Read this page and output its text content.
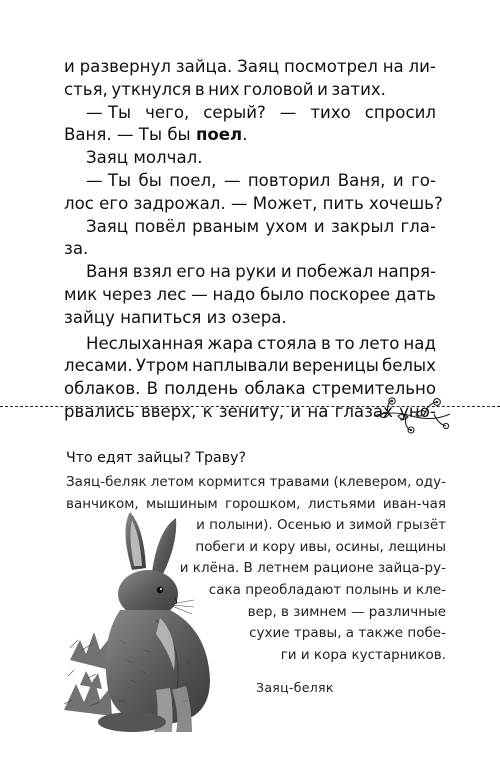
и развернул зайца. Заяц посмотрел на ли-
стья, уткнулся в них головой и затих.
— Ты чего, серый? — тихо спросил
Ваня. — Ты бы поел.
Заяц молчал.
— Ты бы поел, — повторил Ваня, и го-
лос его задрожал. — Может, пить хочешь?
Заяц повёл рваным ухом и закрыл гла-
за.
Ваня взял его на руки и побежал напря-
мик через лес — надо было поскорее дать
зайцу напиться из озера.
Неслыханная жара стояла в то лето над
лесами. Утром наплывали вереницы белых
облаков. В полдень облака стремительно
рвались вверх, к зениту, и на глазах уно-
Что едят зайцы? Траву?
Заяц-беляк летом кормится травами (клевером, оду-
ванчиком, мышиным горошком, листьями иван-чая
и полыни). Осенью и зимой грызёт
побеги и кору ивы, осины, лещины
и клёна. В летнем рационе зайца-ру-
сака преобладают полынь и кле-
вер, в зимнем — различные
сухие травы, а также побе-
ги и кора кустарников.
Заяц-беляк
